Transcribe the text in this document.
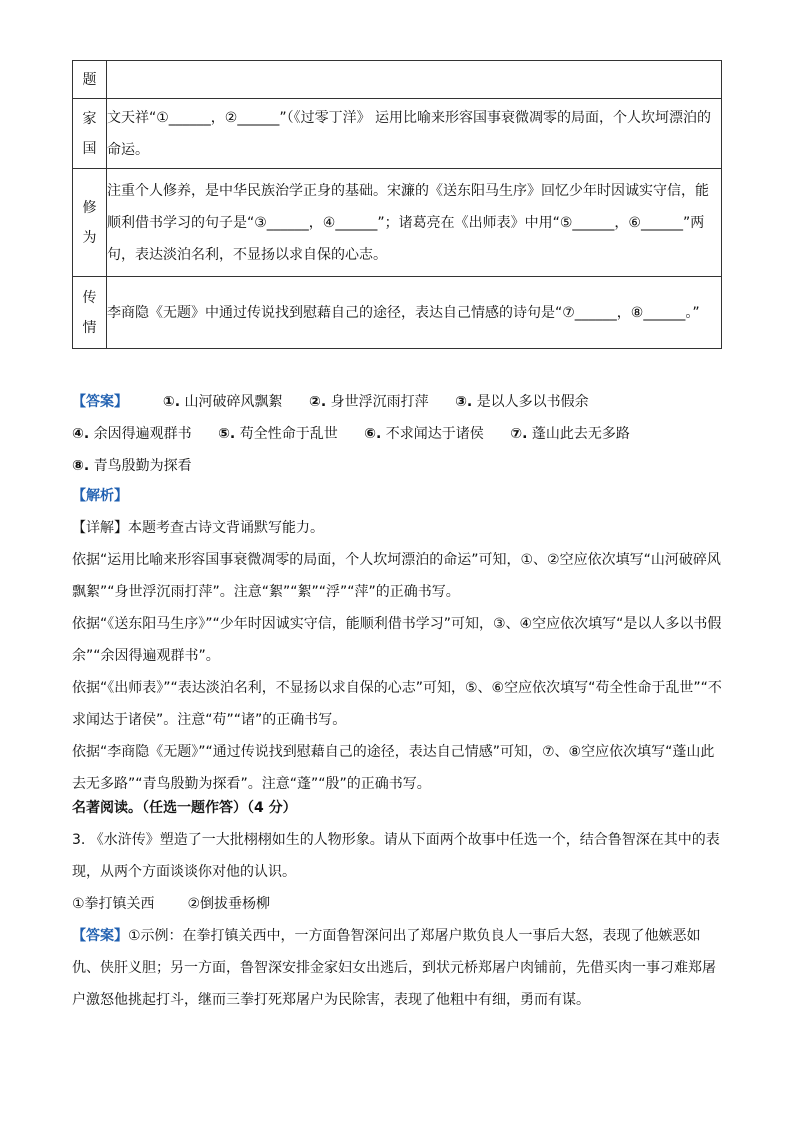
题	

家国	文天祥“①______，②______”（《过零丁洋》 运用比喻来形容国事衰微凋零的局面，个人坎坷漂泊的命运。

修为	注重个人修养，是中华民族治学正身的基础。宋濂的《送东阳马生序》回忆少年时因诚实守信，能顺利借书学习的句子是“③______，④______”；诸葛亮在《出师表》中用“⑤______，⑥______”两句，表达淡泊名利，不显扬以求自保的心志。

传情	李商隐《无题》中通过传说找到慰藉自己的途径，表达自己情感的诗句是“⑦______，⑧______。”
【答案】 ①. 山河破碎风飘絮 ②. 身世浮沉雨打萍 ③. 是以人多以书假余 ④. 余因得遍观群书 ⑤. 苟全性命于乱世 ⑥. 不求闻达于诸侯 ⑦. 蓬山此去无多路 ⑧. 青鸟殷勤为探看
【解析】
【详解】本题考查古诗文背诵默写能力。
依据“运用比喻来形容国事衰微凋零的局面，个人坎坷漂泊的命运”可知，①、②空应依次填写“山河破碎风飘絮”“身世浮沉雨打萍”。注意“絮”“絮”“浮”“萍”的正确书写。
依据“《送东阳马生序》”“少年时因诚实守信，能顺利借书学习”可知，③、④空应依次填写“是以人多以书假余”“余因得遍观群书”。
依据“《出师表》”“表达淡泊名利，不显扬以求自保的心志”可知，⑤、⑥空应依次填写“苟全性命于乱世”“不求闻达于诸侯”。注意“苟”“诸”的正确书写。
依据“李商隐《无题》”“通过传说找到慰藉自己的途径，表达自己情感”可知，⑦、⑧空应依次填写“蓬山此去无多路”“青鸟殷勤为探看”。注意“蓬”“殷”的正确书写。
名著阅读。（任选一题作答）（4 分）
3. 《水浒传》塑造了一大批栩栩如生的人物形象。请从下面两个故事中任选一个，结合鲁智深在其中的表现，从两个方面谈谈你对他的认识。
①拳打镇关西 ②倒拔垂杨柳
【答案】①示例：在拳打镇关西中，一方面鲁智深问出了郑屠户欺负良人一事后大怒，表现了他嫉恶如仇、侠肝义胆；另一方面，鲁智深安排金家妇女出逃后，到状元桥郑屠户肉铺前，先借买肉一事刁难郑屠户激怒他挑起打斗，继而三拳打死郑屠户为民除害，表现了他粗中有细，勇而有谋。
